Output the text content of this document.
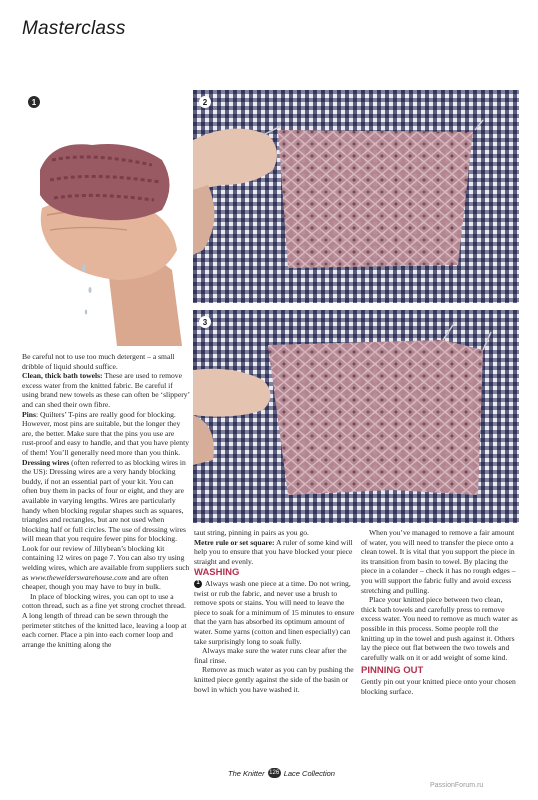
Masterclass
1	2
3

Be careful not to use too much detergent – a small dribble of liquid should suffice.

Clean, thick bath towels: These are used to remove excess water from the knitted fabric. Be careful if using brand new towels as these can often be ‘slippery’ and can shed their own fibre.

Pins: Quilters’ T-pins are really good for blocking. However, most pins are suitable, but the longer they are, the better. Make sure that the pins you use are rust-proof and easy to handle, and that you have plenty of them! You’ll generally need more than you think.

Dressing wires (often referred to as blocking wires in the US): Dressing wires are a very handy blocking buddy, if not an essential part of your kit. You can often buy them in packs of four or eight, and they are available in varying lengths. Wires are particularly handy when blocking regular shapes such as squares, triangles and rectangles, but are not used when blocking half or full circles. The use of dressing wires will mean that you require fewer pins for blocking. Look for our review of Jillybean’s blocking kit containing 12 wires on page 7. You can also try using welding wires, which are available from suppliers such as www.thewelderswarehouse.com and are often cheaper, though you may have to buy in bulk.

In place of blocking wires, you can opt to use a cotton thread, such as a fine yet strong crochet thread. A long length of thread can be sewn through the perimeter stitches of the knitted lace, leaving a loop at each corner. Place a pin into each corner loop and arrange the knitting along the

taut string, pinning in pairs as you go.

Metre rule or set square: A ruler of some kind will help you to ensure that you have blocked your piece straight and evenly.

WASHING

1 Always wash one piece at a time. Do not wring, twist or rub the fabric, and never use a brush to remove spots or stains. You will need to leave the piece to soak for a minimum of 15 minutes to ensure that the yarn has absorbed its optimum amount of water. Some yarns (cotton and linen especially) can take surprisingly long to soak fully.

Always make sure the water runs clear after the final rinse.

Remove as much water as you can by pushing the knitted piece gently against the side of the basin or bowl in which you have washed it.

When you’ve managed to remove a fair amount of water, you will need to transfer the piece onto a clean towel. It is vital that you support the piece in its transition from basin to towel. By placing the piece in a colander – check it has no rough edges – you will support the fabric fully and avoid excess stretching and pulling.

Place your knitted piece between two clean, thick bath towels and carefully press to remove excess water. You need to remove as much water as possible in this process. Some people roll the knitting up in the towel and push against it. Others lay the piece out flat between the two towels and carefully walk on it or add weight of some kind.

PINNING OUT

Gently pin out your knitted piece onto your chosen blocking surface.

The Knitter 126 Lace Collection
PassionForum.ru
